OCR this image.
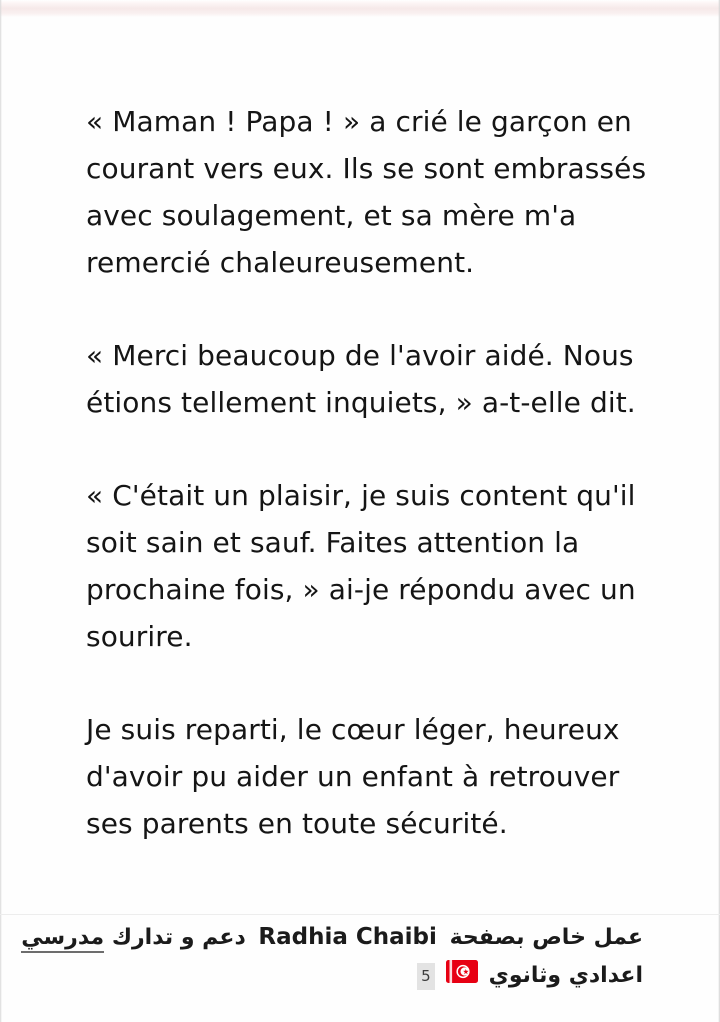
« Maman ! Papa ! » a crié le garçon en
courant vers eux. Ils se sont embrassés
avec soulagement, et sa mère m'a
remercié chaleureusement.
« Merci beaucoup de l'avoir aidé. Nous
étions tellement inquiets, » a-t-elle dit.
« C'était un plaisir, je suis content qu'il
soit sain et sauf. Faites attention la
prochaine fois, » ai-je répondu avec un
sourire.
Je suis reparti, le cœur léger, heureux
d'avoir pu aider un enfant à retrouver
ses parents en toute sécurité.
عمل خاص بصفحة Radhia Chaibi دعم و تدارك مدرسي
اعدادي وثانوي
5
